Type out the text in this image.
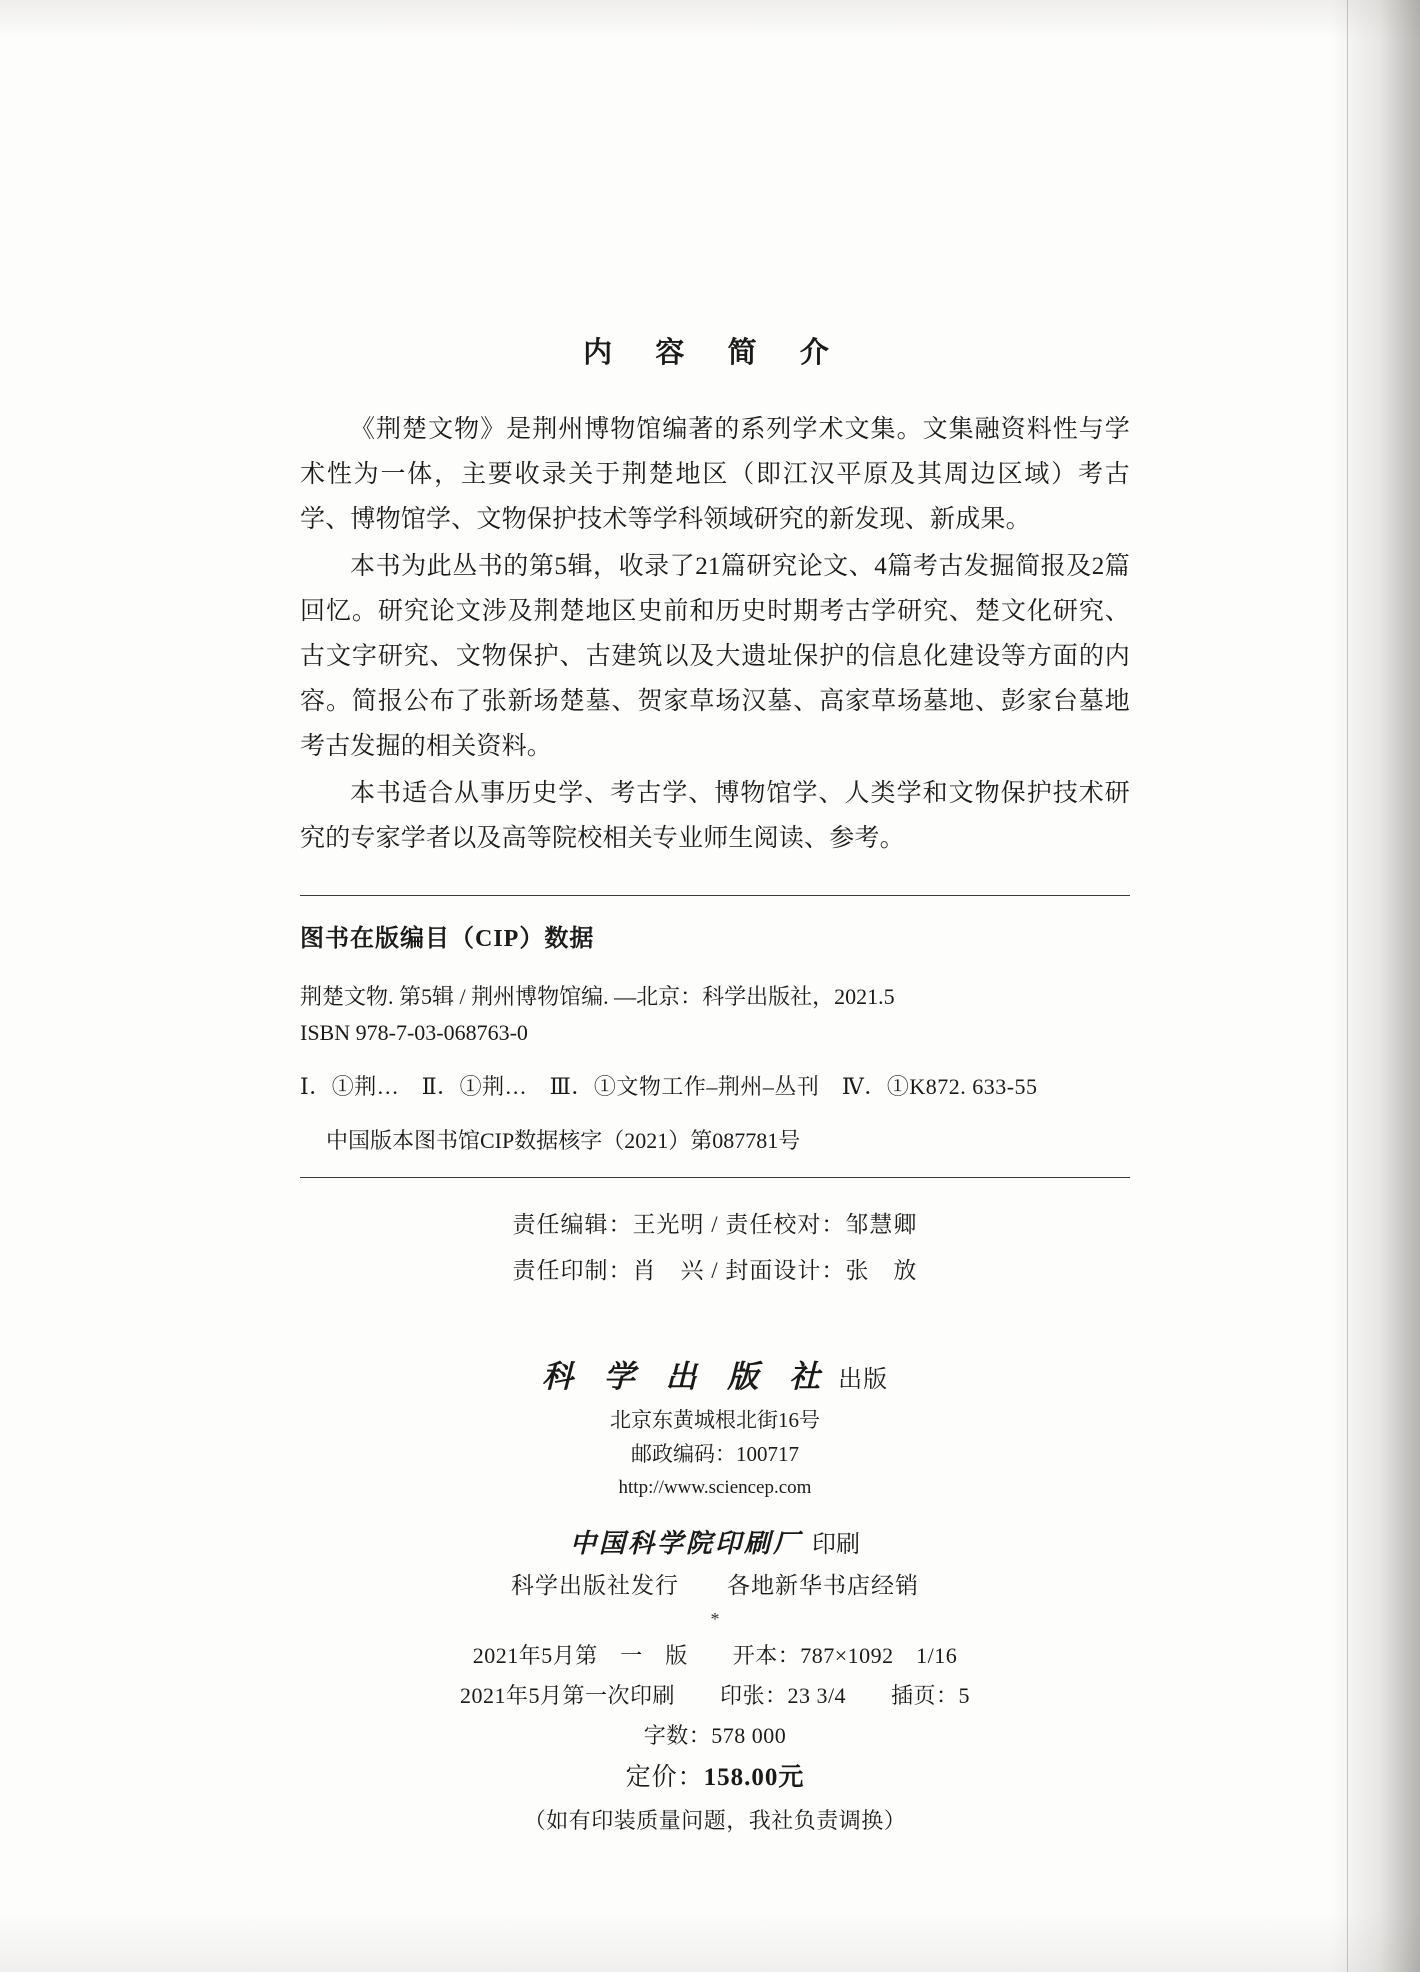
内 容 简 介

《荆楚文物》是荆州博物馆编著的系列学术文集。文集融资料性与学术性为一体，主要收录关于荆楚地区（即江汉平原及其周边区域）考古学、博物馆学、文物保护技术等学科领域研究的新发现、新成果。

本书为此丛书的第5辑，收录了21篇研究论文、4篇考古发掘简报及2篇回忆。研究论文涉及荆楚地区史前和历史时期考古学研究、楚文化研究、古文字研究、文物保护、古建筑以及大遗址保护的信息化建设等方面的内容。简报公布了张新场楚墓、贺家草场汉墓、高家草场墓地、彭家台墓地考古发掘的相关资料。

本书适合从事历史学、考古学、博物馆学、人类学和文物保护技术研究的专家学者以及高等院校相关专业师生阅读、参考。

图书在版编目（CIP）数据

荆楚文物. 第5辑 / 荆州博物馆编. —北京：科学出版社，2021.5

ISBN 978-7-03-068763-0

Ⅰ．①荆…　Ⅱ．①荆…　Ⅲ．①文物工作–荆州–丛刊　Ⅳ．①K872. 633-55

中国版本图书馆CIP数据核字（2021）第087781号

责任编辑：王光明 / 责任校对：邹慧卿
责任印制：肖　兴 / 封面设计：张　放
科 学 出 版 社 出版
北京东黄城根北街16号
邮政编码：100717
http://www.sciencep.com
中国科学院印刷厂 印刷
科学出版社发行　　各地新华书店经销
*
2021年5月第　一　版　　开本：787×1092　1/16
2021年5月第一次印刷　　印张：23 3/4　　插页：5
字数：578 000
定价：158.00元
（如有印装质量问题，我社负责调换）
